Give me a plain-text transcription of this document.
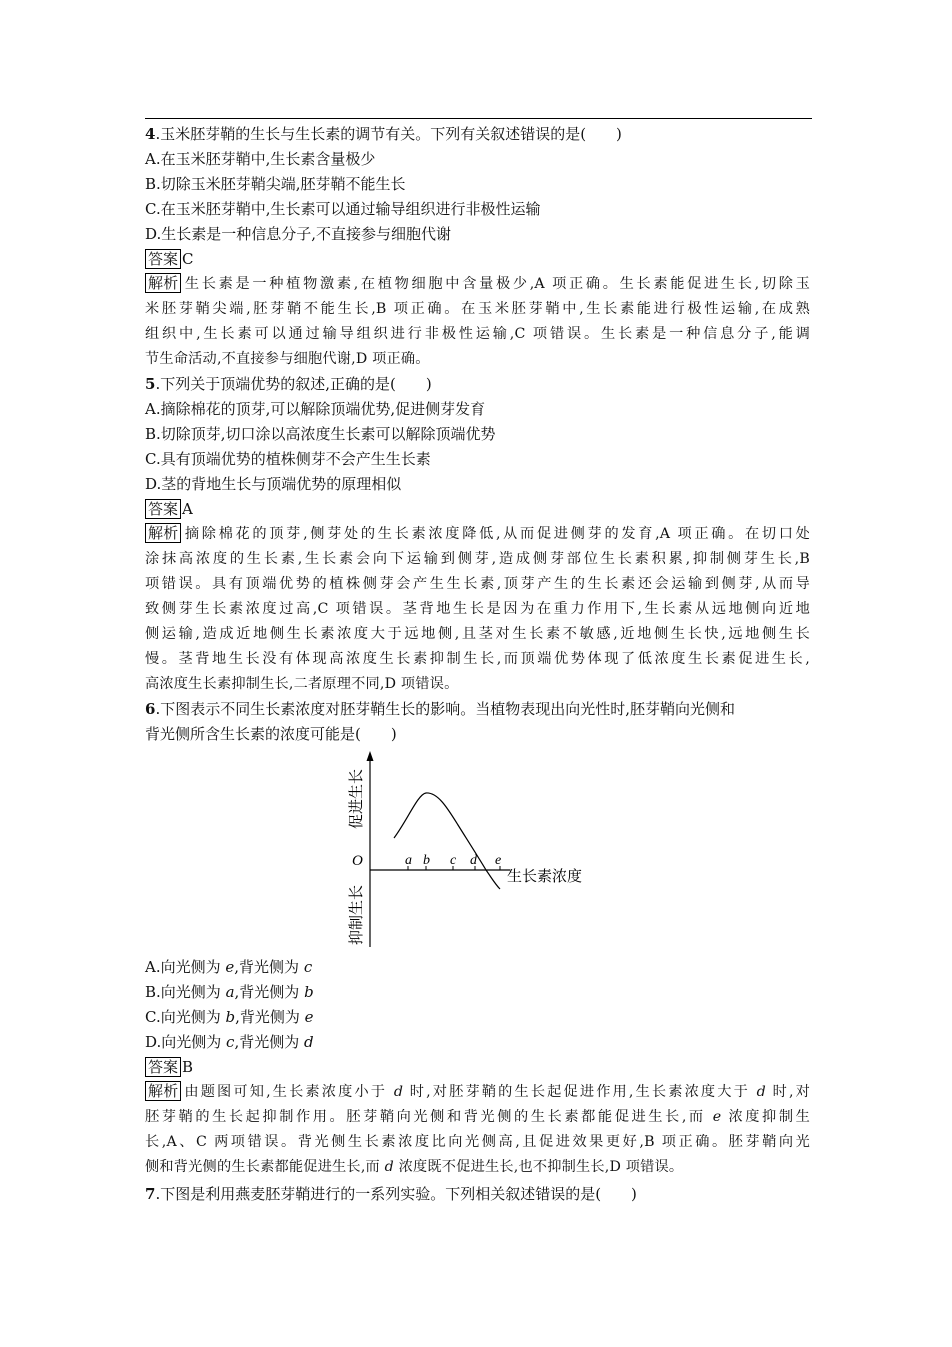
4.玉米胚芽鞘的生长与生长素的调节有关。下列有关叙述错误的是(　　)
A.在玉米胚芽鞘中,生长素含量极少
B.切除玉米胚芽鞘尖端,胚芽鞘不能生长
C.在玉米胚芽鞘中,生长素可以通过输导组织进行非极性运输
D.生长素是一种信息分子,不直接参与细胞代谢
答案 C
解析 生长素是一种植物激素,在植物细胞中含量极少,A 项正确。生长素能促进生长,切除玉
米胚芽鞘尖端,胚芽鞘不能生长,B 项正确。在玉米胚芽鞘中,生长素能进行极性运输,在成熟
组织中,生长素可以通过输导组织进行非极性运输,C 项错误。生长素是一种信息分子,能调
节生命活动,不直接参与细胞代谢,D 项正确。
5.下列关于顶端优势的叙述,正确的是(　　)
A.摘除棉花的顶芽,可以解除顶端优势,促进侧芽发育
B.切除顶芽,切口涂以高浓度生长素可以解除顶端优势
C.具有顶端优势的植株侧芽不会产生生长素
D.茎的背地生长与顶端优势的原理相似
答案 A
解析 摘除棉花的顶芽,侧芽处的生长素浓度降低,从而促进侧芽的发育,A 项正确。在切口处
涂抹高浓度的生长素,生长素会向下运输到侧芽,造成侧芽部位生长素积累,抑制侧芽生长,B
项错误。具有顶端优势的植株侧芽会产生生长素,顶芽产生的生长素还会运输到侧芽,从而导
致侧芽生长素浓度过高,C 项错误。茎背地生长是因为在重力作用下,生长素从远地侧向近地
侧运输,造成近地侧生长素浓度大于远地侧,且茎对生长素不敏感,近地侧生长快,远地侧生长
慢。茎背地生长没有体现高浓度生长素抑制生长,而顶端优势体现了低浓度生长素促进生长,
高浓度生长素抑制生长,二者原理不同,D 项错误。
6.下图表示不同生长素浓度对胚芽鞘生长的影响。当植物表现出向光性时,胚芽鞘向光侧和
背光侧所含生长素的浓度可能是(　　)
a b c d e
O
生长素浓度
促进生长
抑制生长
A.向光侧为 e,背光侧为 c
B.向光侧为 a,背光侧为 b
C.向光侧为 b,背光侧为 e
D.向光侧为 c,背光侧为 d
答案 B
解析 由题图可知,生长素浓度小于 d 时,对胚芽鞘的生长起促进作用,生长素浓度大于 d 时,对
胚芽鞘的生长起抑制作用。胚芽鞘向光侧和背光侧的生长素都能促进生长,而 e 浓度抑制生
长,A、C 两项错误。背光侧生长素浓度比向光侧高,且促进效果更好,B 项正确。胚芽鞘向光
侧和背光侧的生长素都能促进生长,而 d 浓度既不促进生长,也不抑制生长,D 项错误。
7.下图是利用燕麦胚芽鞘进行的一系列实验。下列相关叙述错误的是(　　)
